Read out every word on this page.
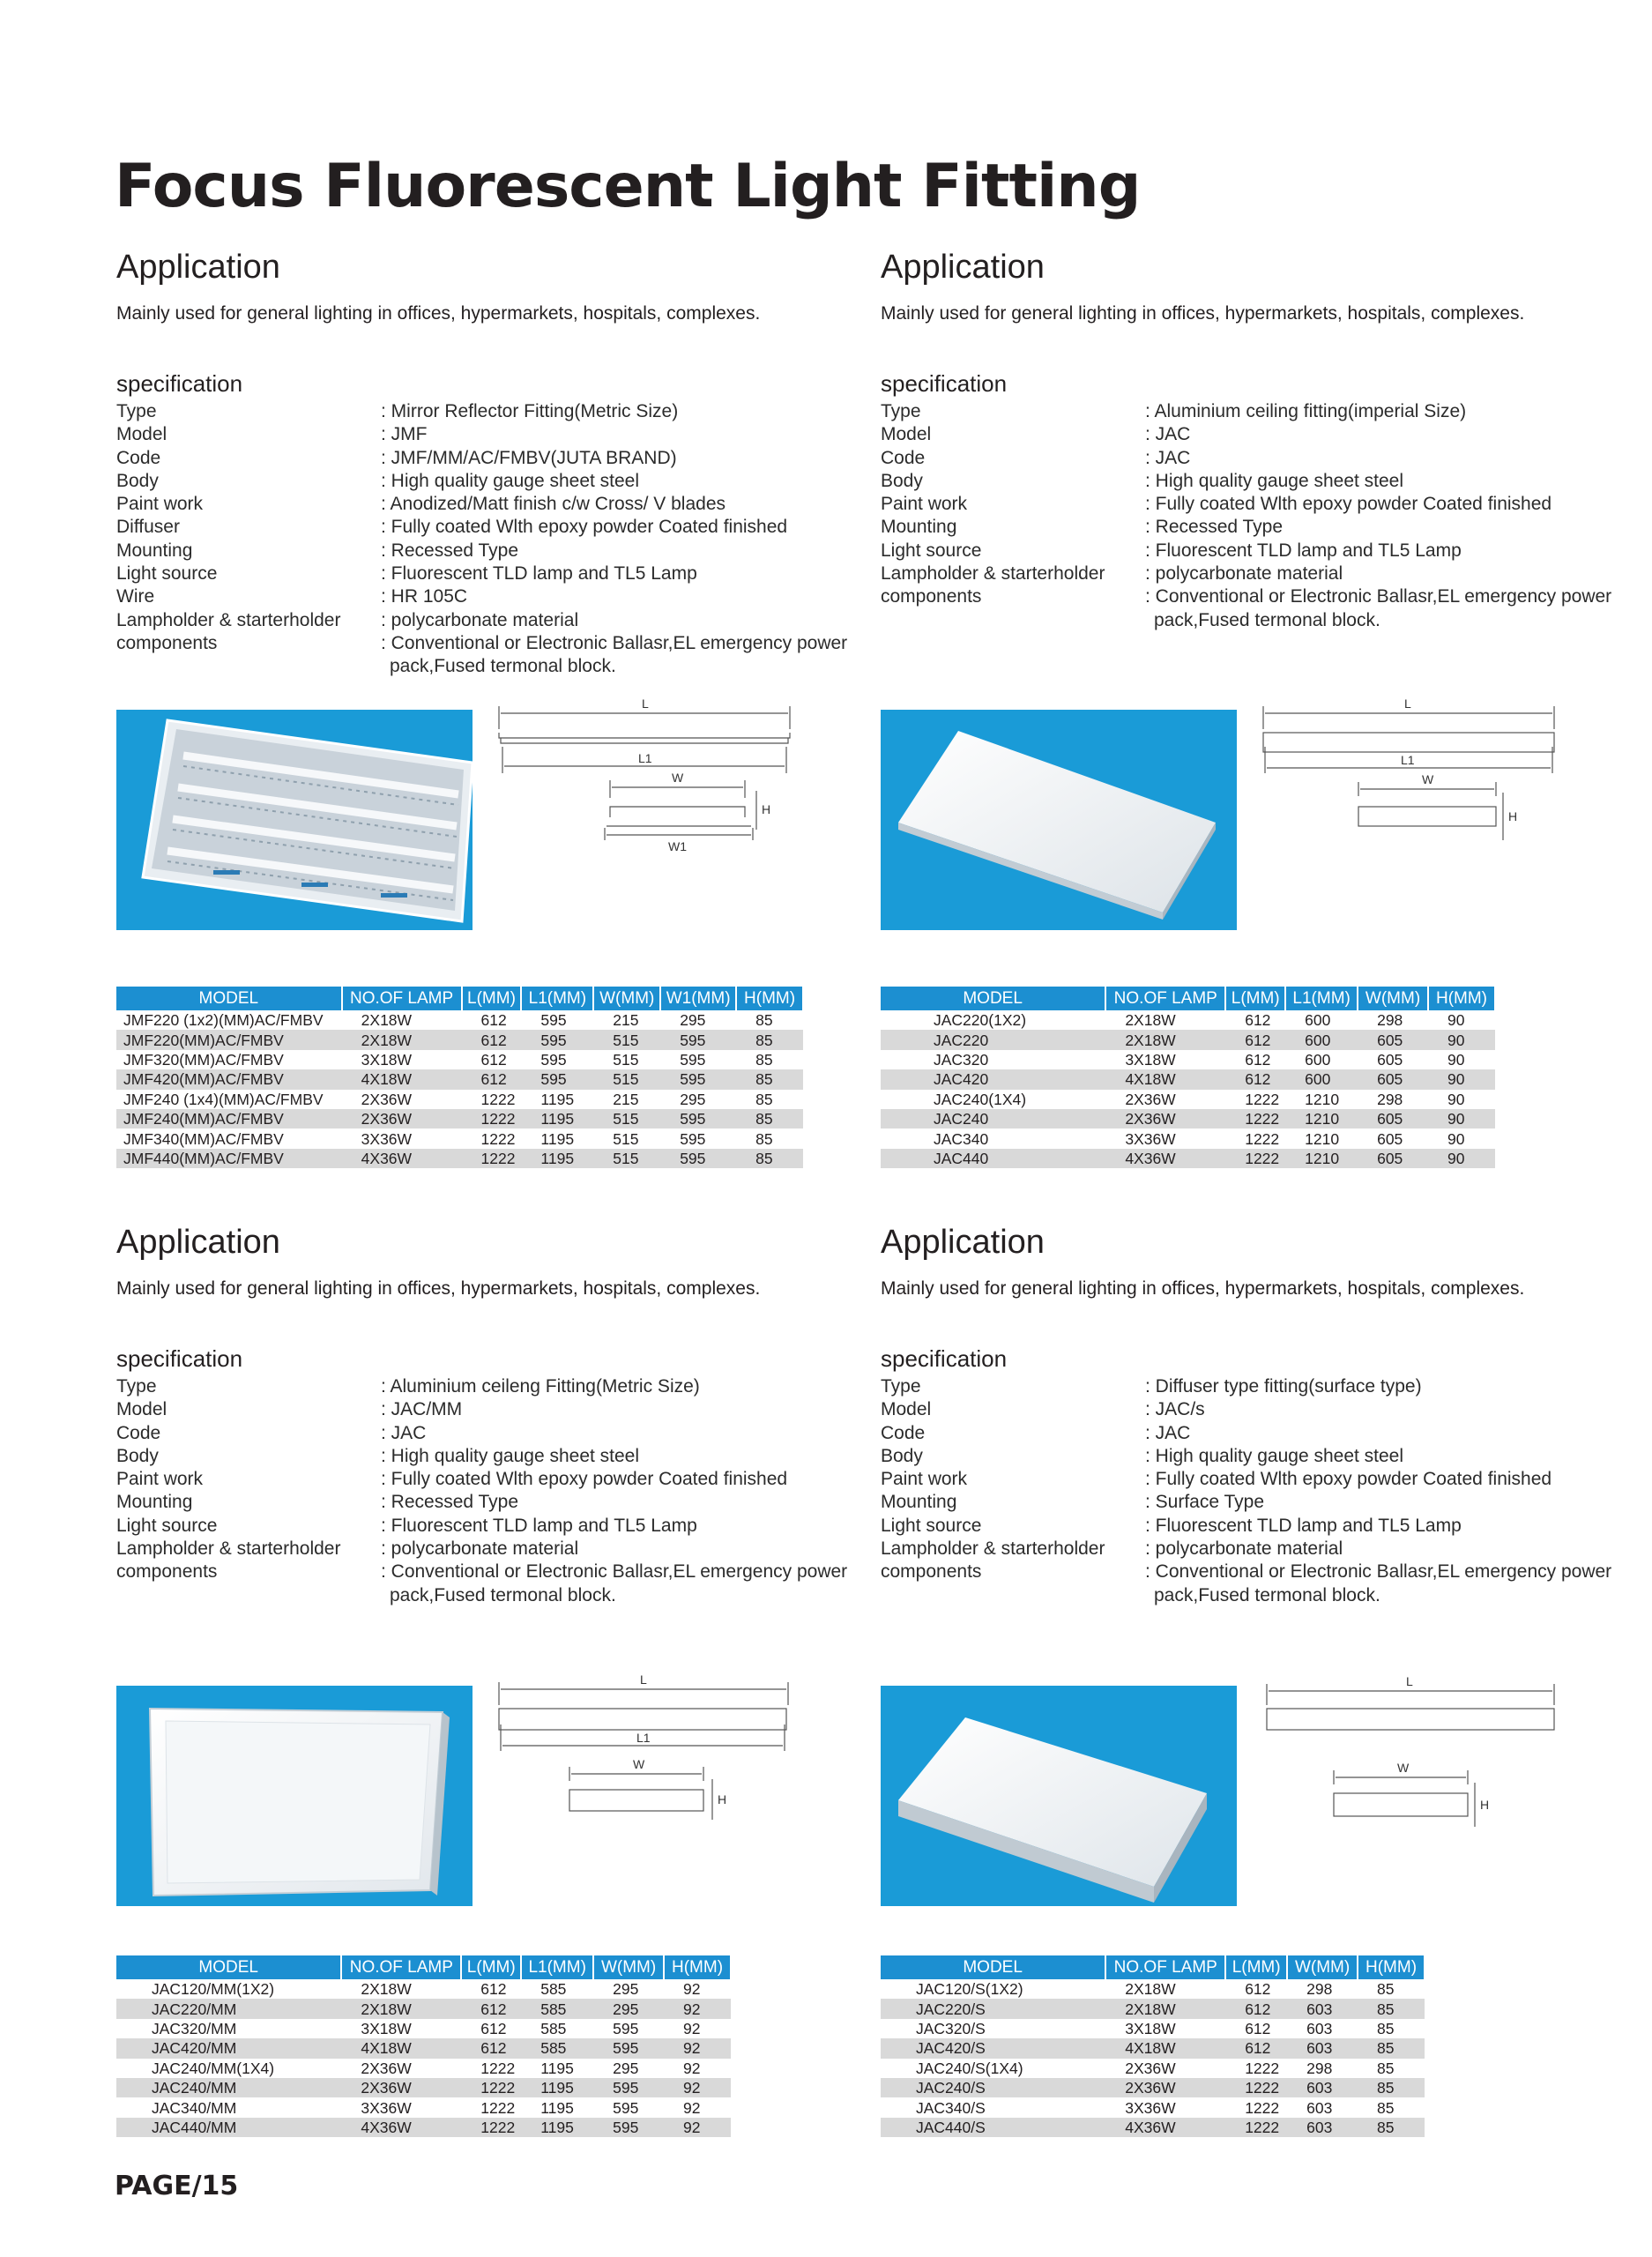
Focus Fluorescent Light Fitting
Application
Mainly used for general lighting in offices, hypermarkets, hospitals, complexes.
specification
Type	: Mirror Reflector Fitting(Metric Size)
Model	: JMF
Code	: JMF/MM/AC/FMBV(JUTA BRAND)
Body	: High quality gauge sheet steel
Paint work	: Anodized/Matt finish c/w Cross/ V blades
Diffuser	: Fully coated Wlth epoxy powder Coated finished
Mounting	: Recessed Type
Light source	: Fluorescent TLD lamp and TL5 Lamp
Wire	: HR 105C
Lampholder & starterholder	: polycarbonate material
components	: Conventional or Electronic Ballasr,EL emergency power pack,Fused termonal block.
L
L1
W
H
W1
MODEL	NO.OF LAMP	L(MM)	L1(MM)	W(MM)	W1(MM)	H(MM)
JMF220 (1x2)(MM)AC/FMBV	2X18W	612	595	215	295	85
JMF220(MM)AC/FMBV	2X18W	612	595	515	595	85
JMF320(MM)AC/FMBV	3X18W	612	595	515	595	85
JMF420(MM)AC/FMBV	4X18W	612	595	515	595	85
JMF240 (1x4)(MM)AC/FMBV	2X36W	1222	1195	215	295	85
JMF240(MM)AC/FMBV	2X36W	1222	1195	515	595	85
JMF340(MM)AC/FMBV	3X36W	1222	1195	515	595	85
JMF440(MM)AC/FMBV	4X36W	1222	1195	515	595	85
Application
Mainly used for general lighting in offices, hypermarkets, hospitals, complexes.
specification
Type	: Aluminium ceiling fitting(imperial Size)
Model	: JAC
Code	: JAC
Body	: High quality gauge sheet steel
Paint work	: Fully coated Wlth epoxy powder Coated finished
Mounting	: Recessed Type
Light source	: Fluorescent TLD lamp and TL5 Lamp
Lampholder & starterholder	: polycarbonate material
components	: Conventional or Electronic Ballasr,EL emergency power pack,Fused termonal block.
L
L1
W
H
MODEL	NO.OF LAMP	L(MM)	L1(MM)	W(MM)	H(MM)
JAC220(1X2)	2X18W	612	600	298	90
JAC220	2X18W	612	600	605	90
JAC320	3X18W	612	600	605	90
JAC420	4X18W	612	600	605	90
JAC240(1X4)	2X36W	1222	1210	298	90
JAC240	2X36W	1222	1210	605	90
JAC340	3X36W	1222	1210	605	90
JAC440	4X36W	1222	1210	605	90
Application
Mainly used for general lighting in offices, hypermarkets, hospitals, complexes.
specification
Type	: Aluminium ceileng Fitting(Metric Size)
Model	: JAC/MM
Code	: JAC
Body	: High quality gauge sheet steel
Paint work	: Fully coated Wlth epoxy powder Coated finished
Mounting	: Recessed Type
Light source	: Fluorescent TLD lamp and TL5 Lamp
Lampholder & starterholder	: polycarbonate material
components	: Conventional or Electronic Ballasr,EL emergency power pack,Fused termonal block.
L
L1
W
H
MODEL	NO.OF LAMP	L(MM)	L1(MM)	W(MM)	H(MM)
JAC120/MM(1X2)	2X18W	612	585	295	92
JAC220/MM	2X18W	612	585	295	92
JAC320/MM	3X18W	612	585	595	92
JAC420/MM	4X18W	612	585	595	92
JAC240/MM(1X4)	2X36W	1222	1195	295	92
JAC240/MM	2X36W	1222	1195	595	92
JAC340/MM	3X36W	1222	1195	595	92
JAC440/MM	4X36W	1222	1195	595	92
Application
Mainly used for general lighting in offices, hypermarkets, hospitals, complexes.
specification
Type	: Diffuser type fitting(surface type)
Model	: JAC/s
Code	: JAC
Body	: High quality gauge sheet steel
Paint work	: Fully coated Wlth epoxy powder Coated finished
Mounting	: Surface Type
Light source	: Fluorescent TLD lamp and TL5 Lamp
Lampholder & starterholder	: polycarbonate material
components	: Conventional or Electronic Ballasr,EL emergency power pack,Fused termonal block.
L
W
H
MODEL	NO.OF LAMP	L(MM)	W(MM)	H(MM)
JAC120/S(1X2)	2X18W	612	298	85
JAC220/S	2X18W	612	603	85
JAC320/S	3X18W	612	603	85
JAC420/S	4X18W	612	603	85
JAC240/S(1X4)	2X36W	1222	298	85
JAC240/S	2X36W	1222	603	85
JAC340/S	3X36W	1222	603	85
JAC440/S	4X36W	1222	603	85
PAGE/15
